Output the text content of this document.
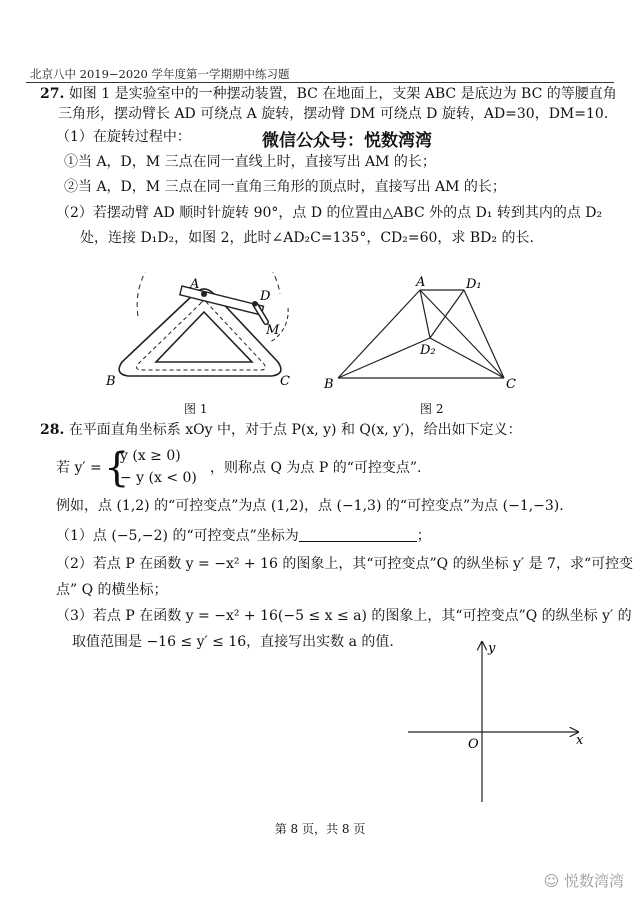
北京八中 2019−2020 学年度第一学期期中练习题
27. 如图 1 是实验室中的一种摆动装置，BC 在地面上，支架 ABC 是底边为 BC 的等腰直角
三角形，摆动臂长 AD 可绕点 A 旋转，摆动臂 DM 可绕点 D 旋转，AD=30，DM=10.
（1）在旋转过程中：	微信公众号：悦数湾湾
①当 A，D，M 三点在同一直线上时，直接写出 AM 的长；
②当 A，D，M 三点在同一直角三角形的顶点时，直接写出 AM 的长；
（2）若摆动臂 AD 顺时针旋转 90°，点 D 的位置由△ABC 外的点 D₁ 转到其内的点 D₂
处，连接 D₁D₂，如图 2，此时∠AD₂C=135°，CD₂=60，求 BD₂ 的长.
A
D
M
B	C
图 1
A	D₁
D₂
B	C
图 2
28. 在平面直角坐标系 xOy 中，对于点 P(x, y) 和 Q(x, y′)，给出如下定义：
若 y′ = {
y (x ≥ 0)
− y (x < 0)
，则称点 Q 为点 P 的“可控变点”.
例如，点 (1,2) 的“可控变点”为点 (1,2)，点 (−1,3) 的“可控变点”为点 (−1,−3).
（1）点 (−5,−2) 的“可控变点”坐标为	；
（2）若点 P 在函数 y = −x² + 16 的图象上，其“可控变点”Q 的纵坐标 y′ 是 7，求“可控变
点” Q 的横坐标；
（3）若点 P 在函数 y = −x² + 16(−5 ≤ x ≤ a) 的图象上，其“可控变点”Q 的纵坐标 y′ 的
取值范围是 −16 ≤ y′ ≤ 16，直接写出实数 a 的值.
x
y
O
第 8 页，共 8 页
☺ 悦数湾湾
